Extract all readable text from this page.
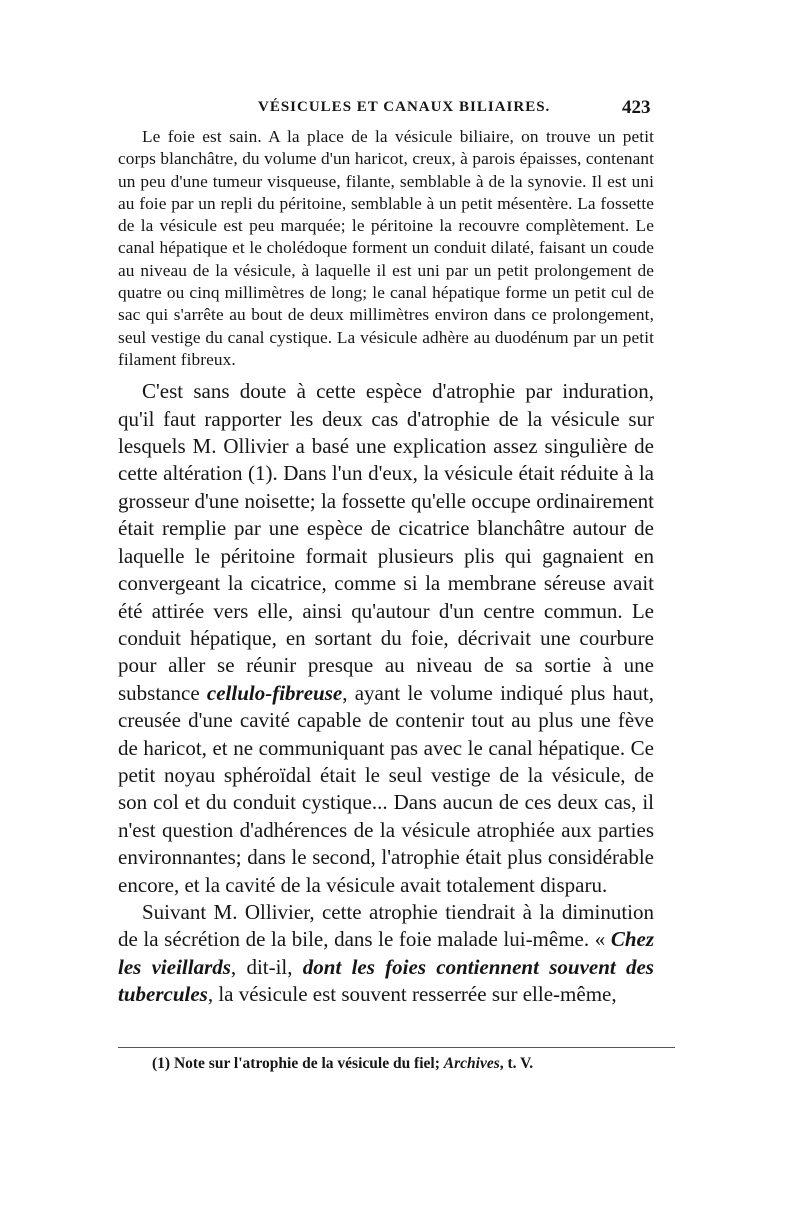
VÉSICULES ET CANAUX BILIAIRES.	423

Le foie est sain. A la place de la vésicule biliaire, on trouve un petit corps blanchâtre, du volume d'un haricot, creux, à parois épaisses, contenant un peu d'une tumeur visqueuse, filante, semblable à de la synovie. Il est uni au foie par un repli du péritoine, semblable à un petit mésentère. La fossette de la vésicule est peu marquée; le péritoine la recouvre complètement. Le canal hépatique et le cholédoque forment un conduit dilaté, faisant un coude au niveau de la vésicule, à laquelle il est uni par un petit prolongement de quatre ou cinq millimètres de long; le canal hépatique forme un petit cul de sac qui s'arrête au bout de deux millimètres environ dans ce prolongement, seul vestige du canal cystique. La vésicule adhère au duodénum par un petit filament fibreux.

C'est sans doute à cette espèce d'atrophie par induration, qu'il faut rapporter les deux cas d'atrophie de la vésicule sur lesquels M. Ollivier a basé une explication assez singulière de cette altération (1). Dans l'un d'eux, la vésicule était réduite à la grosseur d'une noisette; la fossette qu'elle occupe ordinairement était remplie par une espèce de cicatrice blanchâtre autour de laquelle le péritoine formait plusieurs plis qui gagnaient en convergeant la cicatrice, comme si la membrane séreuse avait été attirée vers elle, ainsi qu'autour d'un centre commun. Le conduit hépatique, en sortant du foie, décrivait une courbure pour aller se réunir presque au niveau de sa sortie à une substance cellulo-fibreuse, ayant le volume indiqué plus haut, creusée d'une cavité capable de contenir tout au plus une fève de haricot, et ne communiquant pas avec le canal hépatique. Ce petit noyau sphéroïdal était le seul vestige de la vésicule, de son col et du conduit cystique... Dans aucun de ces deux cas, il n'est question d'adhérences de la vésicule atrophiée aux parties environnantes; dans le second, l'atrophie était plus considérable encore, et la cavité de la vésicule avait totalement disparu.

Suivant M. Ollivier, cette atrophie tiendrait à la diminution de la sécrétion de la bile, dans le foie malade lui-même. « Chez les vieillards, dit-il, dont les foies contiennent souvent des tubercules, la vésicule est souvent resserrée sur elle-même,

(1) Note sur l'atrophie de la vésicule du fiel; Archives, t. V.
